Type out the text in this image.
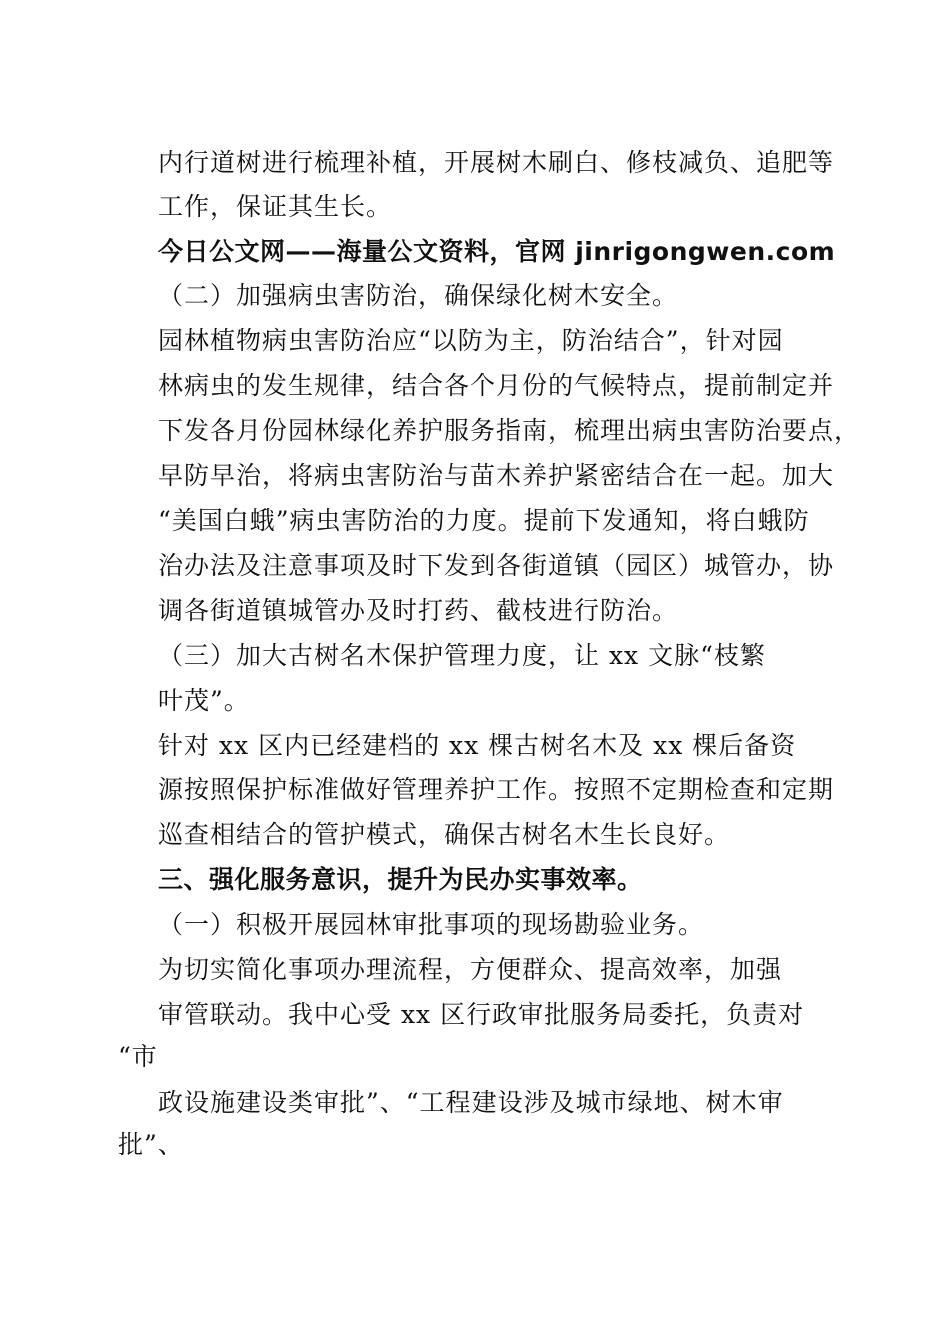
内行道树进行梳理补植，开展树木刷白、修枝减负、追肥等
工作，保证其生长。
今日公文网——海量公文资料，官网 jinrigongwen.com
（二）加强病虫害防治，确保绿化树木安全。
园林植物病虫害防治应“以防为主，防治结合”，针对园
林病虫的发生规律，结合各个月份的气候特点，提前制定并
下发各月份园林绿化养护服务指南，梳理出病虫害防治要点，
早防早治，将病虫害防治与苗木养护紧密结合在一起。加大
“美国白蛾”病虫害防治的力度。提前下发通知，将白蛾防
治办法及注意事项及时下发到各街道镇（园区）城管办，协
调各街道镇城管办及时打药、截枝进行防治。
（三）加大古树名木保护管理力度，让 xx 文脉“枝繁
叶茂”。
针对 xx 区内已经建档的 xx 棵古树名木及 xx 棵后备资
源按照保护标准做好管理养护工作。按照不定期检查和定期
巡查相结合的管护模式，确保古树名木生长良好。
三、强化服务意识，提升为民办实事效率。
（一）积极开展园林审批事项的现场勘验业务。
为切实简化事项办理流程，方便群众、提高效率，加强
审管联动。我中心受 xx 区行政审批服务局委托，负责对
“市
政设施建设类审批”、“工程建设涉及城市绿地、树木审
批”、
